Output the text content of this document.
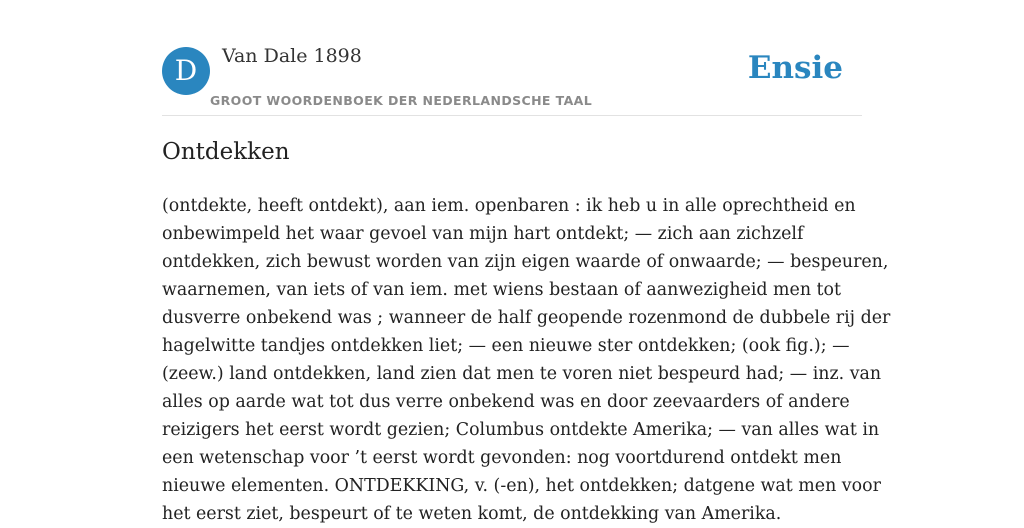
D	Van Dale 1898
GROOT WOORDENBOEK DER NEDERLANDSCHE TAAL
Ensie
Ontdekken
(ontdekte, heeft ontdekt), aan iem. openbaren : ik heb u in alle oprechtheid en
onbewimpeld het waar gevoel van mijn hart ontdekt; — zich aan zichzelf
ontdekken, zich bewust worden van zijn eigen waarde of onwaarde; — bespeuren,
waarnemen, van iets of van iem. met wiens bestaan of aanwezigheid men tot
dusverre onbekend was ; wanneer de half geopende rozenmond de dubbele rij der
hagelwitte tandjes ontdekken liet; — een nieuwe ster ontdekken; (ook fig.); —
(zeew.) land ontdekken, land zien dat men te voren niet bespeurd had; — inz. van
alles op aarde wat tot dus verre onbekend was en door zeevaarders of andere
reizigers het eerst wordt gezien; Columbus ontdekte Amerika; — van alles wat in
een wetenschap voor ’t eerst wordt gevonden: nog voortdurend ontdekt men
nieuwe elementen. ONTDEKKING, v. (-en), het ontdekken; datgene wat men voor
het eerst ziet, bespeurt of te weten komt, de ontdekking van Amerika.
